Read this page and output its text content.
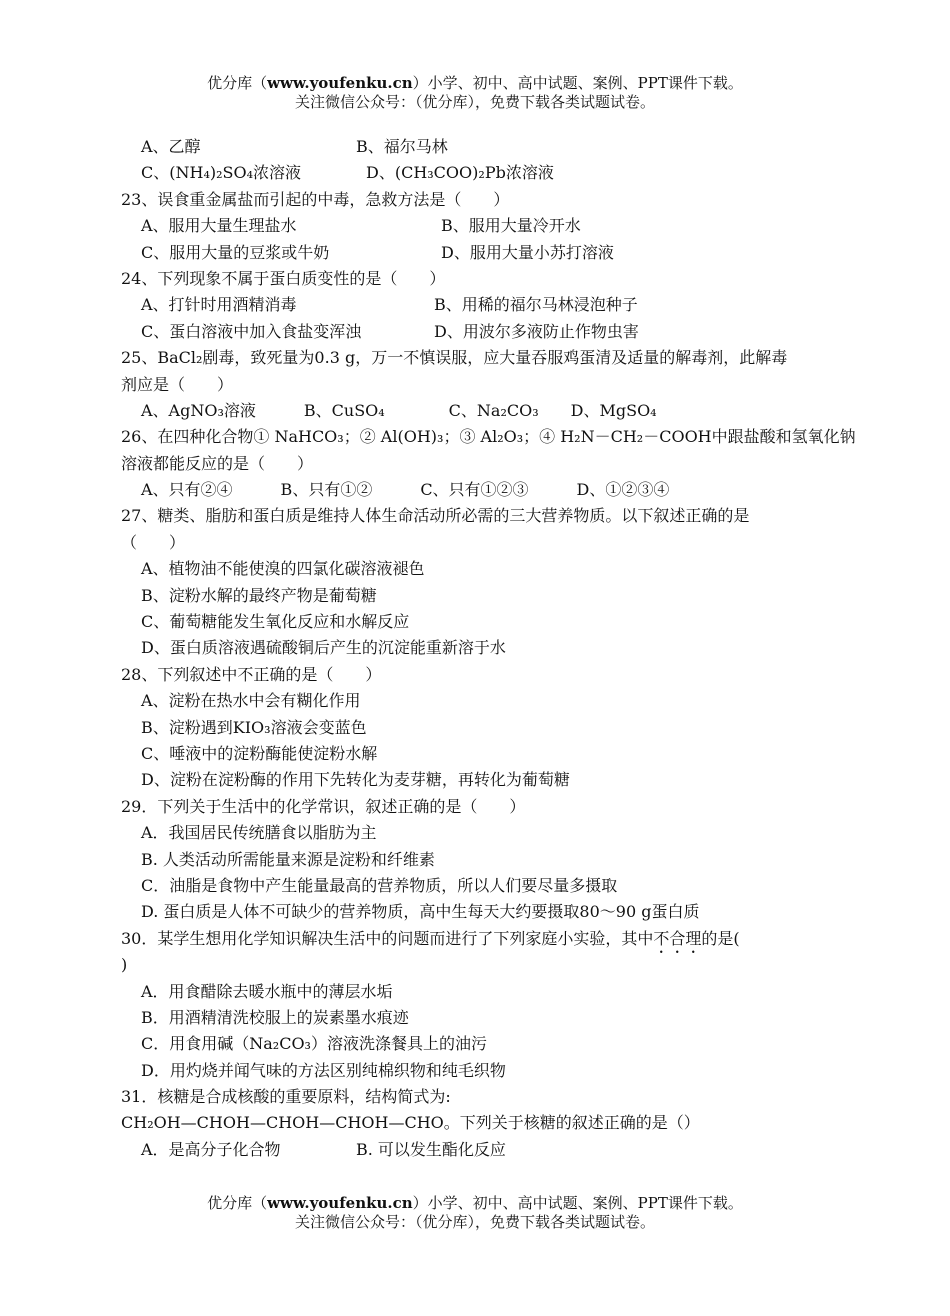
优分库（www.youfenku.cn）小学、初中、高中试题、案例、PPT课件下载。
关注微信公众号：（优分库），免费下载各类试题试卷。
A、乙醇	B、福尔马林
C、(NH₄)₂SO₄浓溶液	D、(CH₃COO)₂Pb浓溶液
23、误食重金属盐而引起的中毒，急救方法是（　　）
A、服用大量生理盐水	B、服用大量冷开水
C、服用大量的豆浆或牛奶	D、服用大量小苏打溶液
24、下列现象不属于蛋白质变性的是（　　）
A、打针时用酒精消毒	B、用稀的福尔马林浸泡种子
C、蛋白溶液中加入食盐变浑浊	D、用波尔多液防止作物虫害
25、BaCl₂剧毒，致死量为0.3 g，万一不慎误服，应大量吞服鸡蛋清及适量的解毒剂，此解毒
剂应是（　　）
A、AgNO₃溶液　　　B、CuSO₄　　　　C、Na₂CO₃　　D、MgSO₄
26、在四种化合物① NaHCO₃；② Al(OH)₃；③ Al₂O₃；④ H₂N－CH₂－COOH中跟盐酸和氢氧化钠
溶液都能反应的是（　　）
A、只有②④　　　B、只有①②　　　C、只有①②③　　　D、①②③④
27、糖类、脂肪和蛋白质是维持人体生命活动所必需的三大营养物质。以下叙述正确的是
（　　）
A、植物油不能使溴的四氯化碳溶液褪色
B、淀粉水解的最终产物是葡萄糖
C、葡萄糖能发生氧化反应和水解反应
D、蛋白质溶液遇硫酸铜后产生的沉淀能重新溶于水
28、下列叙述中不正确的是（　　）
A、淀粉在热水中会有糊化作用
B、淀粉遇到KIO₃溶液会变蓝色
C、唾液中的淀粉酶能使淀粉水解
D、淀粉在淀粉酶的作用下先转化为麦芽糖，再转化为葡萄糖
29．下列关于生活中的化学常识，叙述正确的是（　　）
A．我国居民传统膳食以脂肪为主
B. 人类活动所需能量来源是淀粉和纤维素
C．油脂是食物中产生能量最高的营养物质，所以人们要尽量多摄取
D. 蛋白质是人体不可缺少的营养物质，高中生每天大约要摄取80～90 g蛋白质
30．某学生想用化学知识解决生活中的问题而进行了下列家庭小实验，其中不合理的是(
)
A．用食醋除去暖水瓶中的薄层水垢
B．用酒精清洗校服上的炭素墨水痕迹
C．用食用碱（Na₂CO₃）溶液洗涤餐具上的油污
D．用灼烧并闻气味的方法区别纯棉织物和纯毛织物
31．核糖是合成核酸的重要原料，结构简式为:
CH₂OH—CHOH—CHOH—CHOH—CHO。下列关于核糖的叙述正确的是（）
A．是高分子化合物	B. 可以发生酯化反应
优分库（www.youfenku.cn）小学、初中、高中试题、案例、PPT课件下载。
关注微信公众号：（优分库），免费下载各类试题试卷。
